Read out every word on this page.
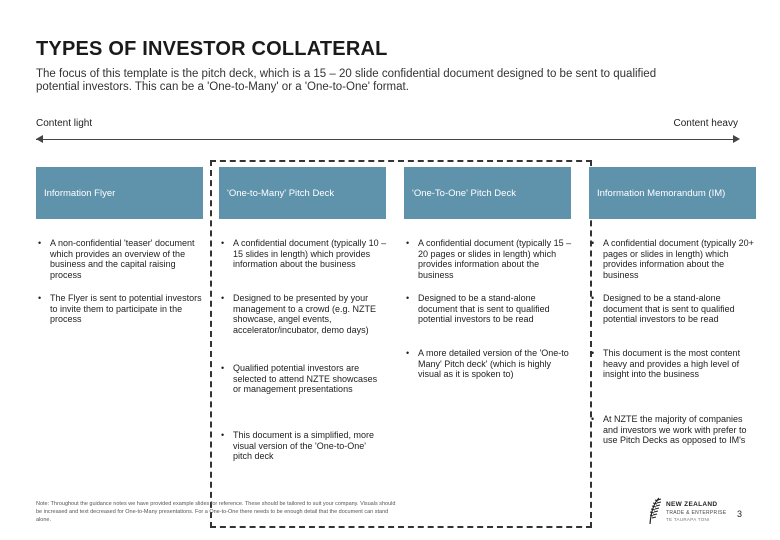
TYPES OF INVESTOR COLLATERAL
The focus of this template is the pitch deck, which is a 15 – 20 slide confidential document designed to be sent to qualified potential investors. This can be a 'One-to-Many' or a 'One-to-One' format.
Content light	Content heavy
Information Flyer
• A non-confidential 'teaser' document which provides an overview of the business and the capital raising process
• The Flyer is sent to potential investors to invite them to participate in the process
'One-to-Many' Pitch Deck
• A confidential document (typically 10 – 15 slides in length) which provides information about the business
• Designed to be presented by your management to a crowd (e.g. NZTE showcase, angel events, accelerator/incubator, demo days)
• Qualified potential investors are selected to attend NZTE showcases or management presentations
• This document is a simplified, more visual version of the 'One-to-One' pitch deck
'One-To-One' Pitch Deck
• A confidential document (typically 15 – 20 pages or slides in length) which provides information about the business
• Designed to be a stand-alone document that is sent to qualified potential investors to be read
• A more detailed version of the 'One-to Many' Pitch deck' (which is highly visual as it is spoken to)
Information Memorandum (IM)
• A confidential document (typically 20+ pages or slides in length) which provides information about the business
• Designed to be a stand-alone document that is sent to qualified potential investors to be read
• This document is the most content heavy and provides a high level of insight into the business
• At NZTE the majority of companies and investors we work with prefer to use Pitch Decks as opposed to IM's
Note: Throughout the guidance notes we have provided example slides for reference. These should be tailored to suit your company. Visuals should be increased and text decreased for One-to-Many presentations. For a One-to-One there needs to be enough detail that the document can stand alone.
NEW ZEALAND
TRADE & ENTERPRISE
TE TAURAPA TONI
3
